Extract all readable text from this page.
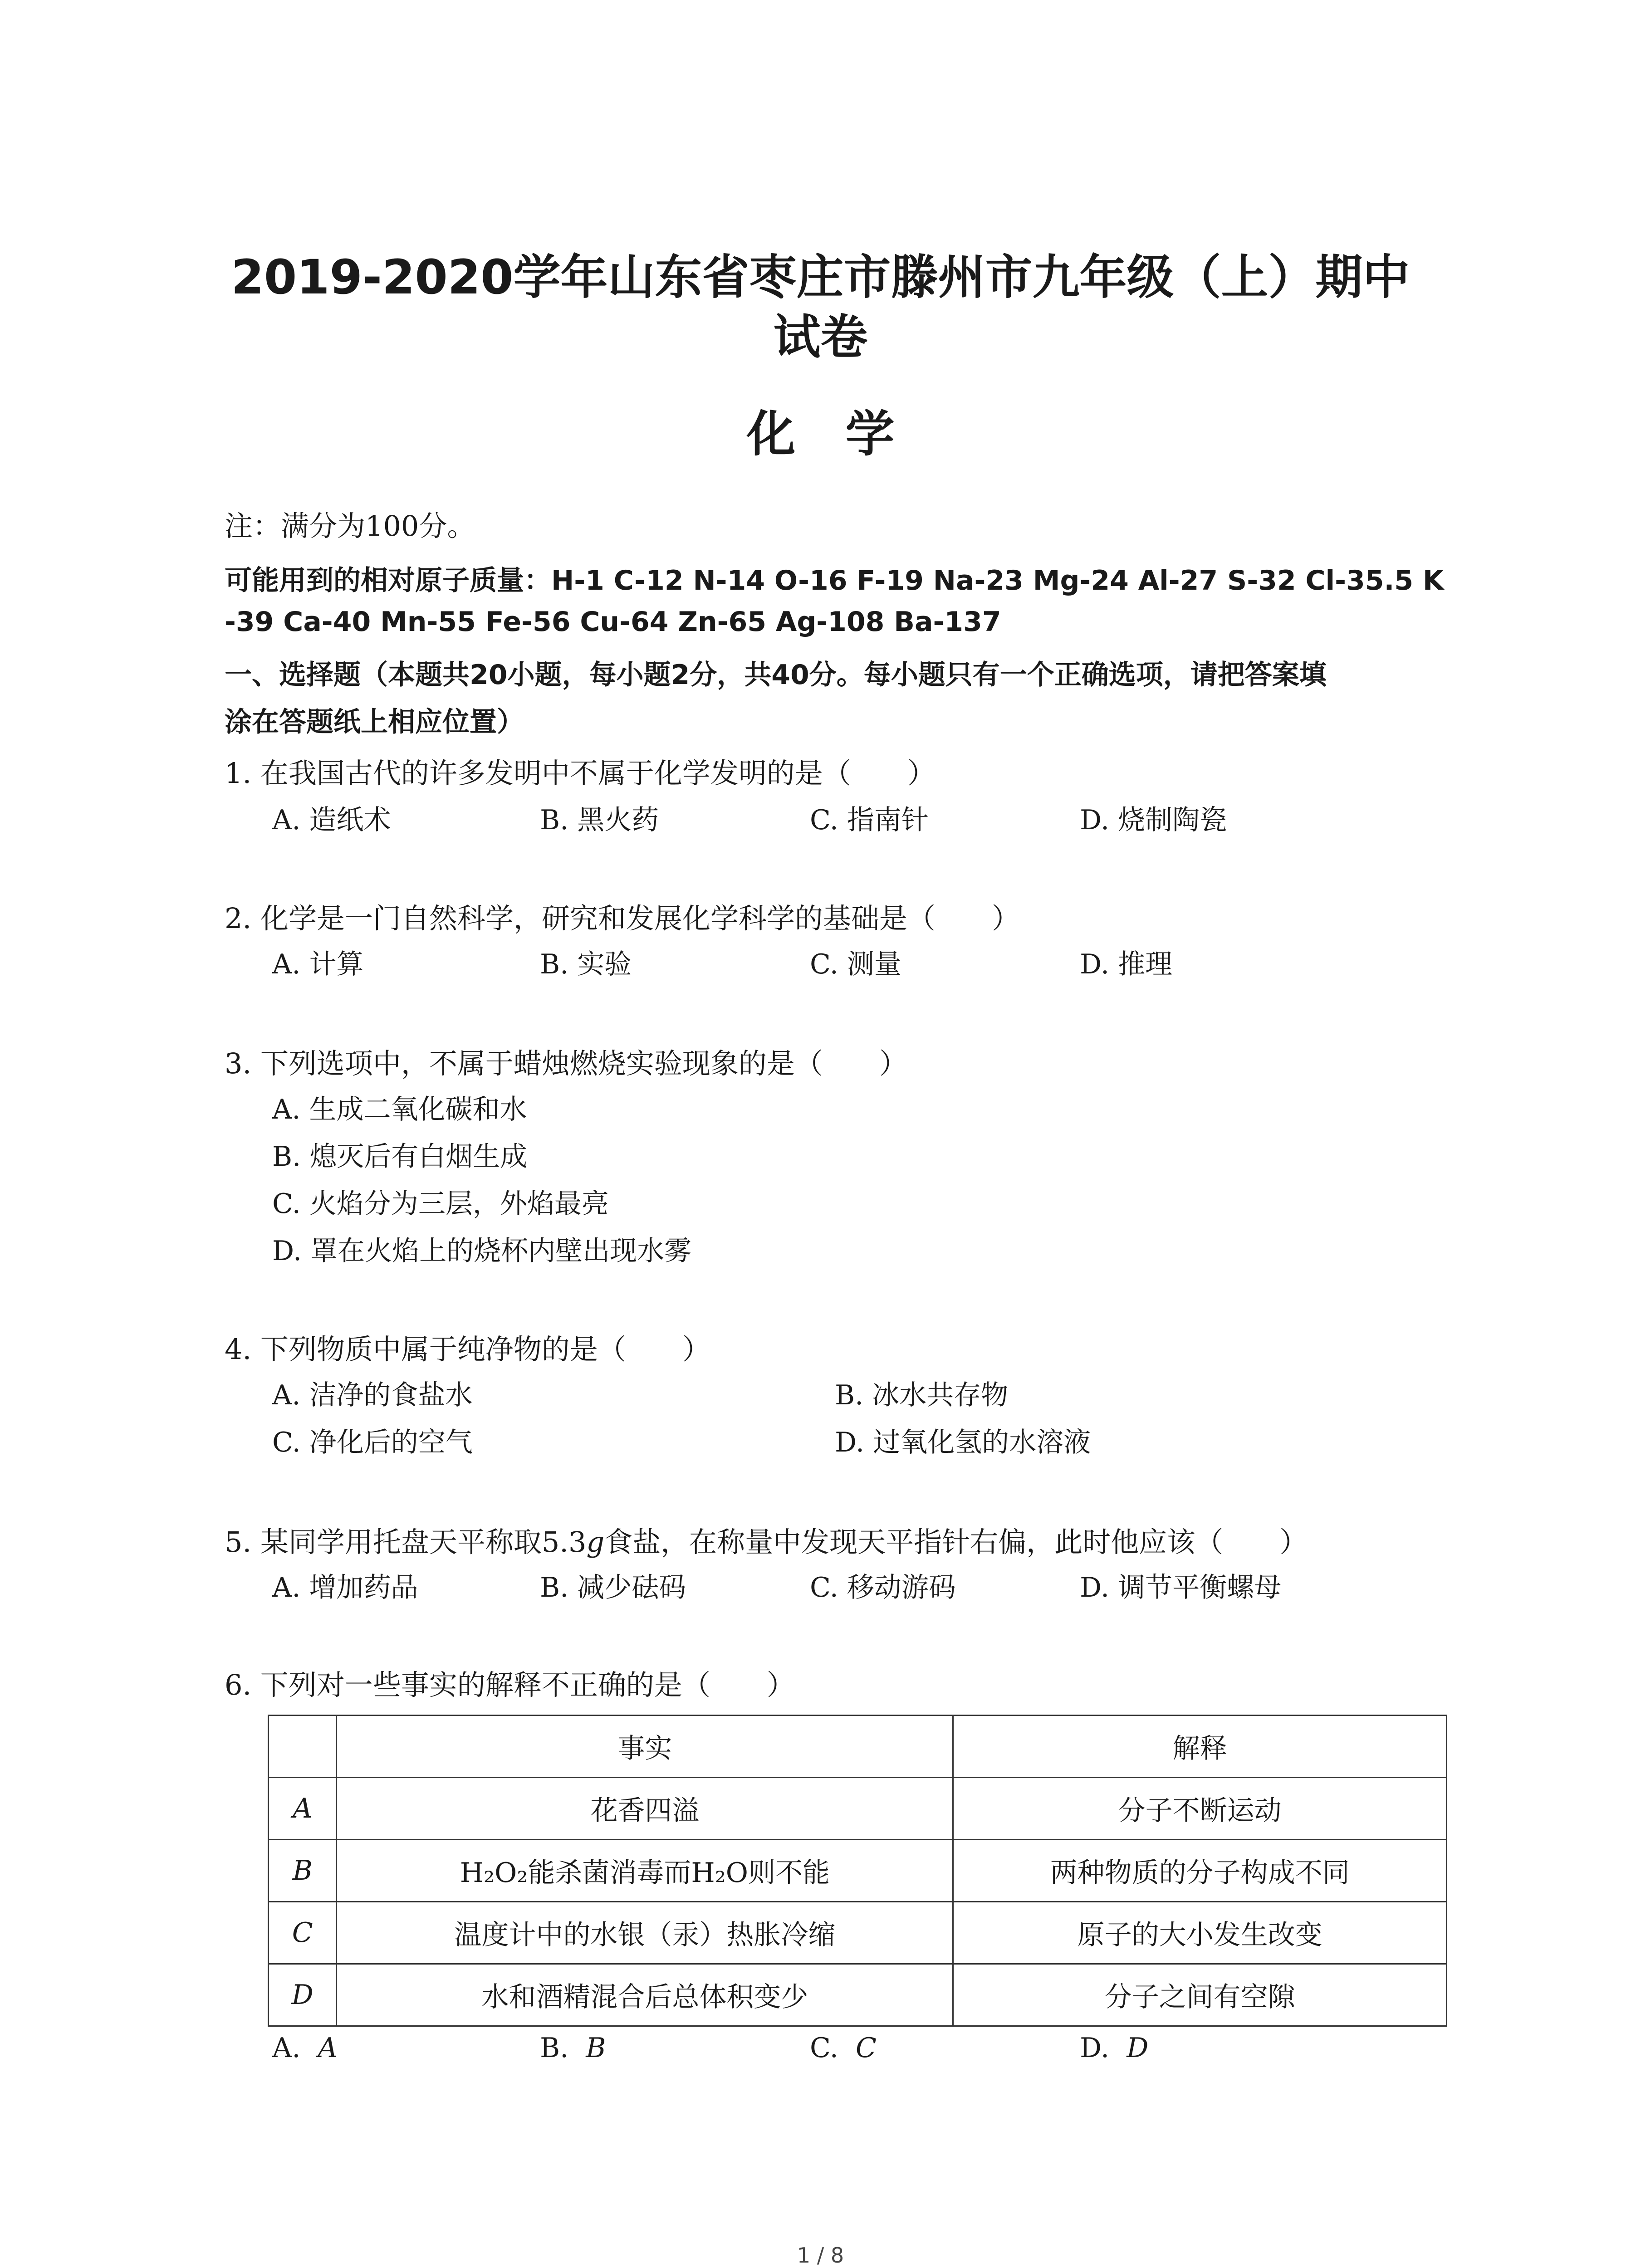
2019-2020学年山东省枣庄市滕州市九年级（上）期中
试卷
化学
注：满分为100分。
可能用到的相对原子质量：H-1 C-12 N-14 O-16 F-19 Na-23 Mg-24 Al-27 S-32 Cl-35.5 K
-39 Ca-40 Mn-55 Fe-56 Cu-64 Zn-65 Ag-108 Ba-137
一、选择题（本题共20小题，每小题2分，共40分。每小题只有一个正确选项，请把答案填
涂在答题纸上相应位置）
1. 在我国古代的许多发明中不属于化学发明的是（　　）
A. 造纸术	B. 黑火药	C. 指南针	D. 烧制陶瓷
2. 化学是一门自然科学，研究和发展化学科学的基础是（　　）
A. 计算	B. 实验	C. 测量	D. 推理
3. 下列选项中，不属于蜡烛燃烧实验现象的是（　　）
A. 生成二氧化碳和水
B. 熄灭后有白烟生成
C. 火焰分为三层，外焰最亮
D. 罩在火焰上的烧杯内壁出现水雾
4. 下列物质中属于纯净物的是（　　）
A. 洁净的食盐水	B. 冰水共存物
C. 净化后的空气	D. 过氧化氢的水溶液
5. 某同学用托盘天平称取5.3g食盐，在称量中发现天平指针右偏，此时他应该（　　）
A. 增加药品	B. 减少砝码	C. 移动游码	D. 调节平衡螺母
6. 下列对一些事实的解释不正确的是（　　）
A. A	B. B	C. C	D. D
	事实	解释
A	花香四溢	分子不断运动
B	H₂O₂能杀菌消毒而H₂O则不能	两种物质的分子构成不同
C	温度计中的水银（汞）热胀冷缩	原子的大小发生改变
D	水和酒精混合后总体积变少	分子之间有空隙
1 / 8
